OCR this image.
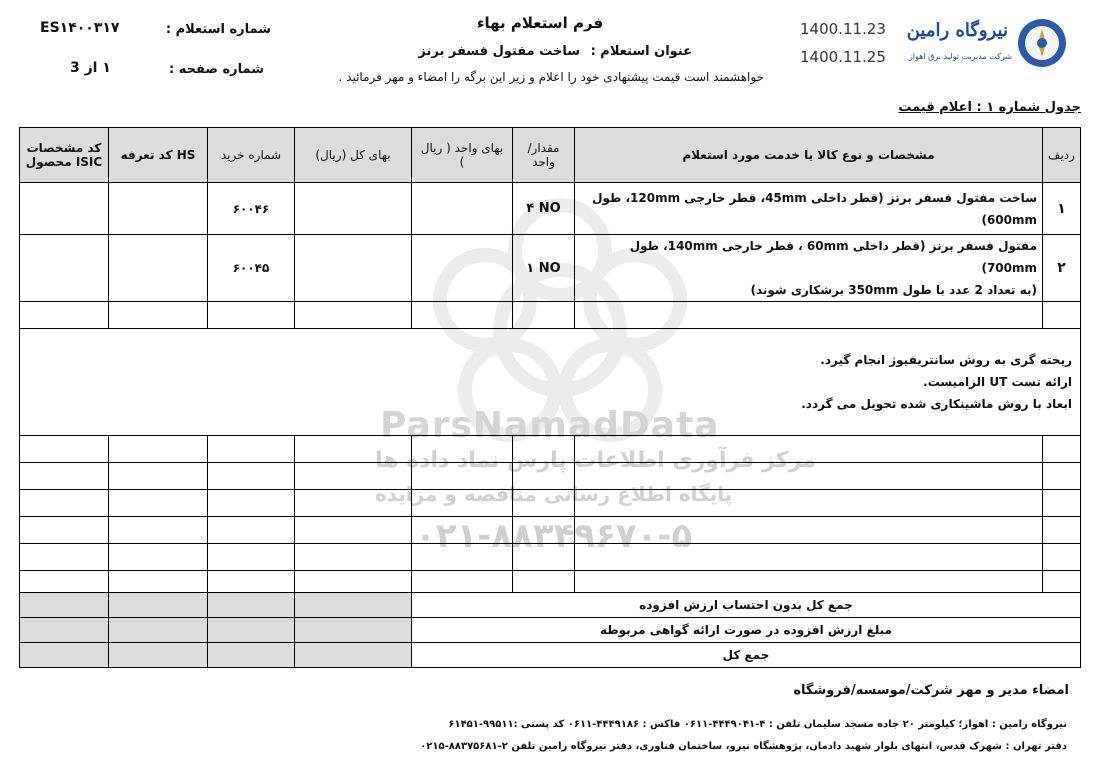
ParsNamadData
مرکز فرآوری اطلاعات پارس نماد داده ها
پایگاه اطلاع رسانی مناقصه و مزایده
۰۲۱-۸۸۳۴۹۶۷۰-۵
فرم استعلام بهاء
عنوان استعلام : ساخت مفتول فسفر برنز
خواهشمند است قیمت پیشنهادی خود را اعلام و زیر این برگه را امضاء و مهر فرمائید .
شماره استعلام :
ES۱۴۰۰۳۱۷
شماره صفحه :
۱ از 3
1400.11.23
1400.11.25
نیروگاه رامین
شرکت مدیریت تولید برق اهواز
جدول شماره ۱ : اعلام قیمت
کد مشخصات محصول ISIC	کد تعرفه HS	شماره خرید	بهای کل (ریال)	بهای واحد ( ریال )	مقدار/واحد	مشخصات و نوع کالا یا خدمت مورد استعلام	ردیف
		۶۰۰۴۶			۴ NO	ساخت مفتول فسفر برنز (قطر داخلی 45mm، قطر خارجی 120mm، طول
600mm)	۱
		۶۰۰۴۵			۱ NO	مفتول فسفر برنز (قطر داخلی 60mm ، قطر خارجی 140mm، طول 700mm)
(به تعداد 2 عدد با طول 350mm برشکاری شوند)	۲

ریخته گری به روش سانتریفیوژ انجام گیرد.
ارائه تست UT الزامیست.
ابعاد با روش ماشینکاری شده تحویل می گردد.							

				جمع کل بدون احتساب ارزش افزوده			
				مبلغ ارزش افزوده در صورت ارائه گواهی مربوطه			
				جمع کل			
امضاء مدیر و مهر شرکت/موسسه/فروشگاه
نیروگاه رامین : اهواز؛ کیلومتر ۲۰ جاده مسجد سلیمان تلفن : ۴-۴۴۴۹۰۴۱-۰۶۱۱ فاکس : ۴۴۴۹۱۸۶-۰۶۱۱ کد پستی :۹۹۵۱۱-۶۱۴۵۱
دفتر تهران : شهرک قدس، انتهای بلوار شهید دادمان، پژوهشگاه نیرو، ساختمان فناوری، دفتر نیروگاه رامین تلفن ۲-۸۸۳۷۵۶۸۱-۰۲۱۵
